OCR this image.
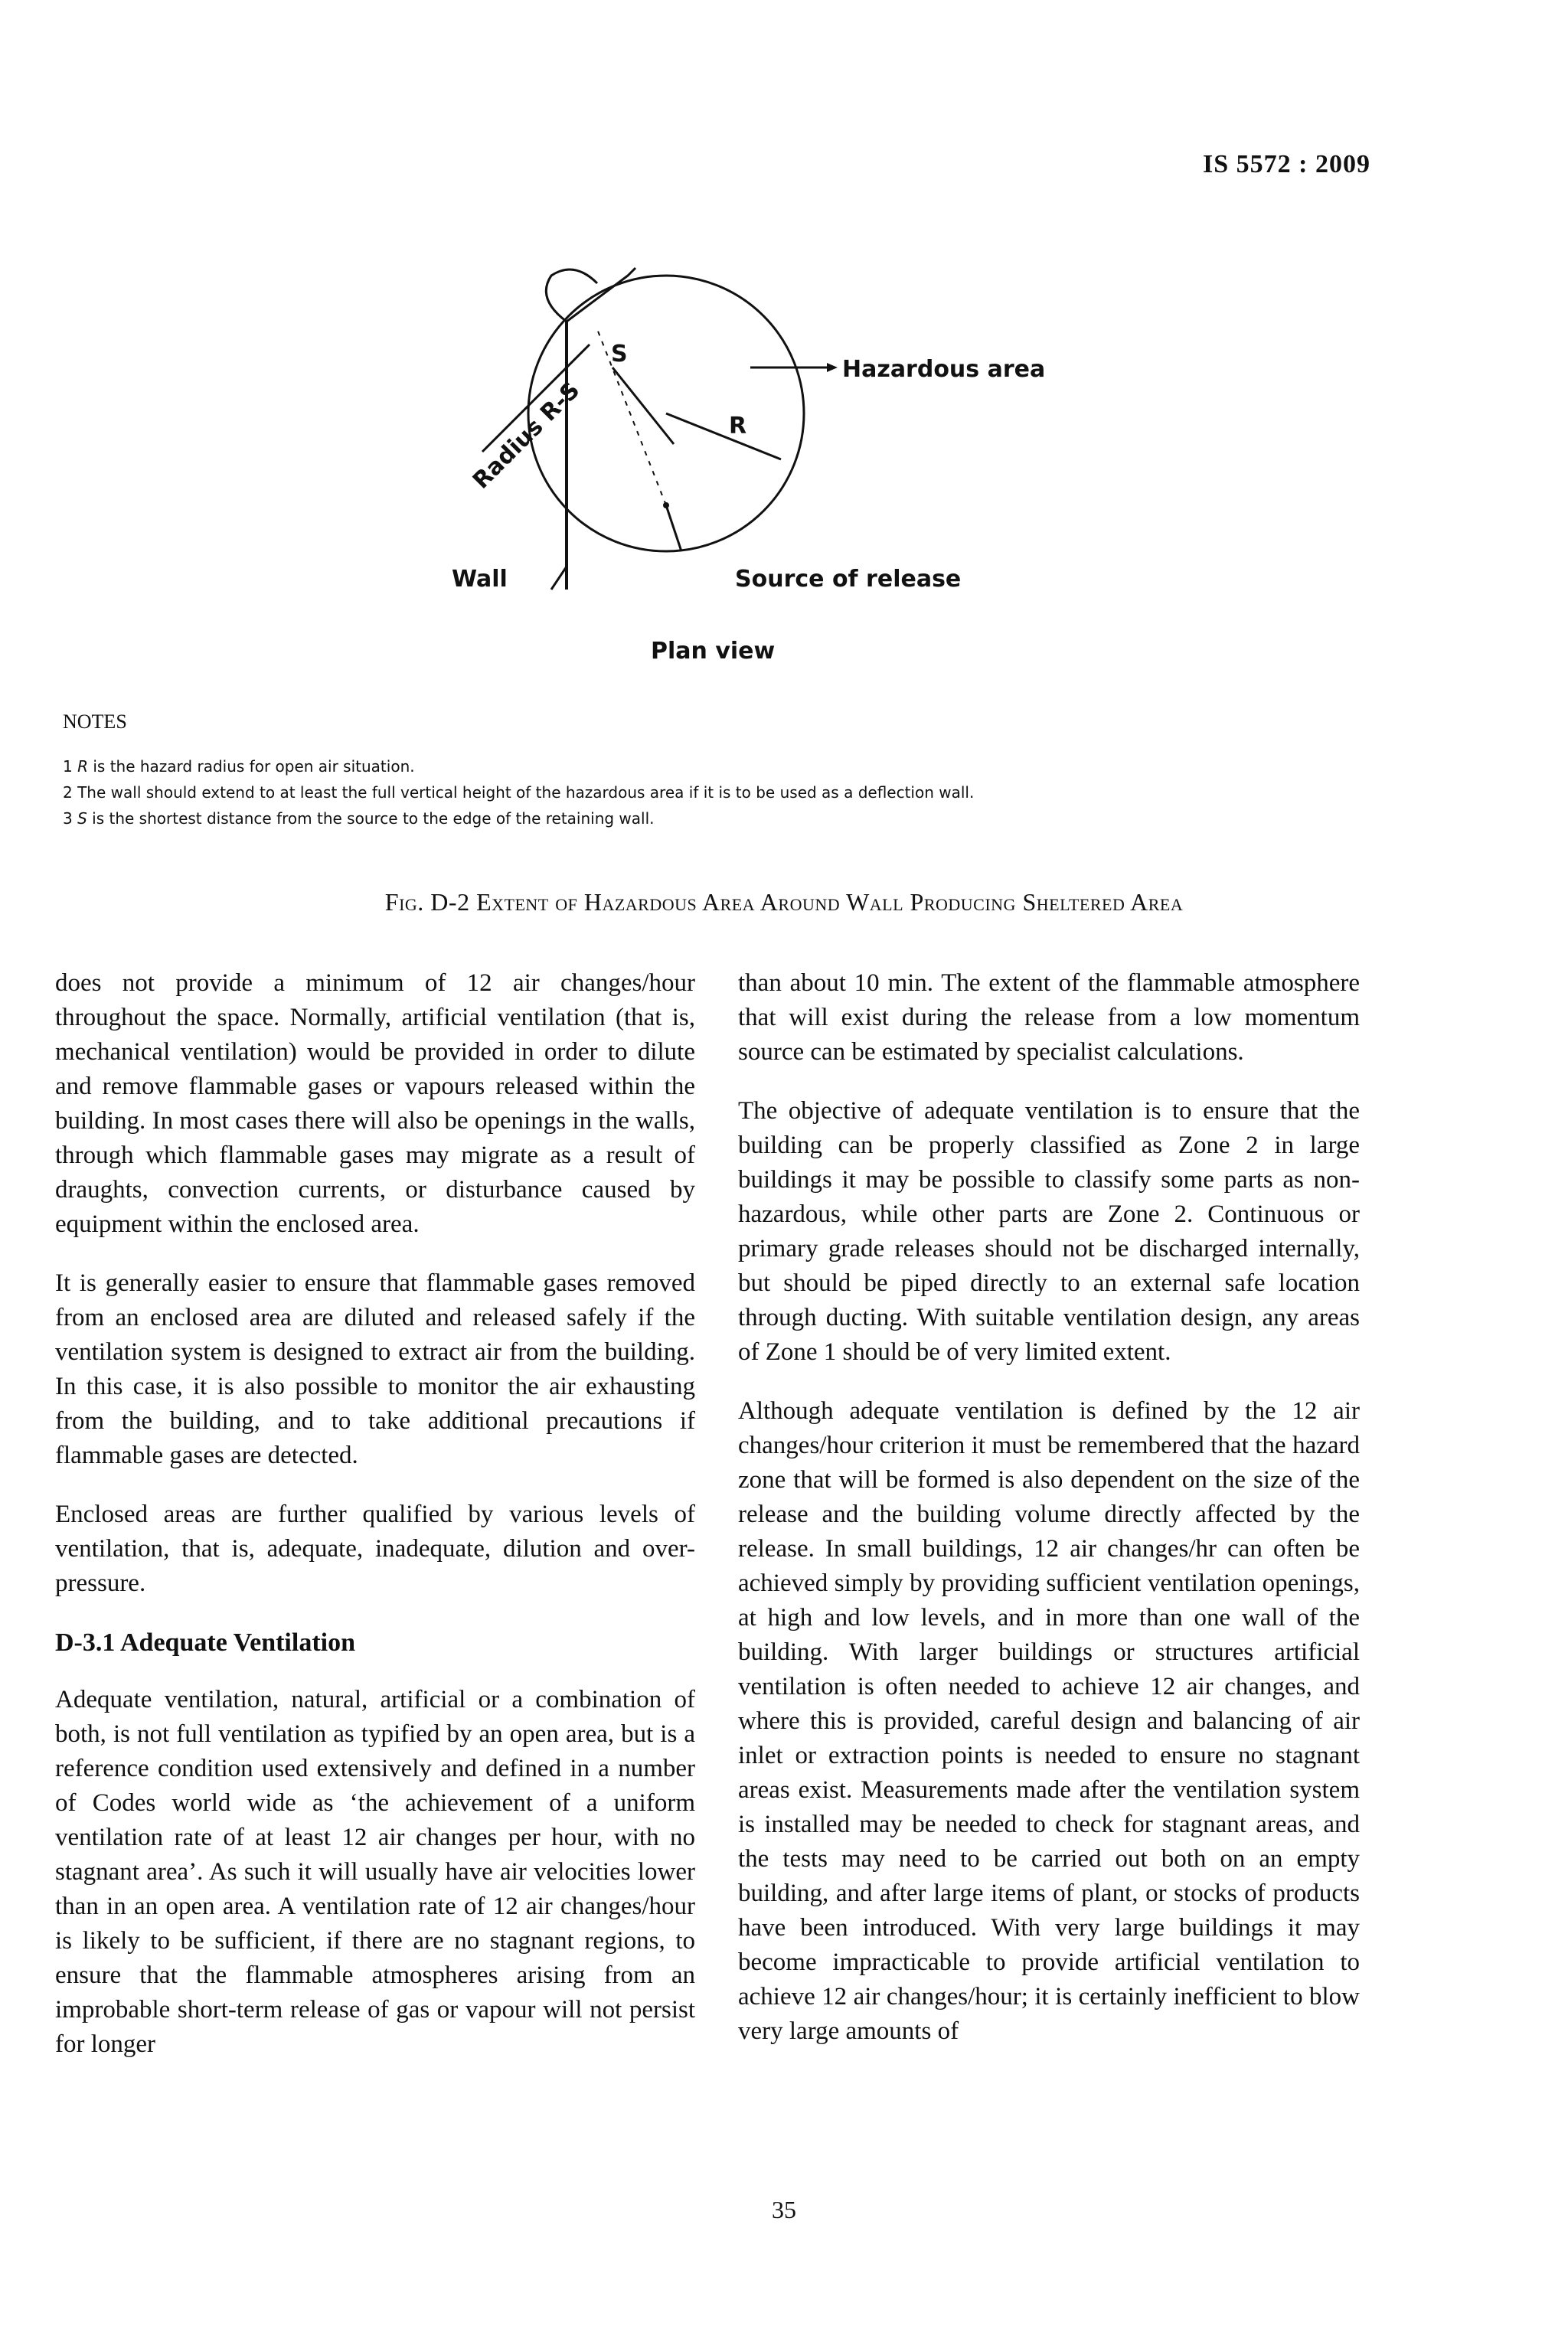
IS 5572 : 2009
Hazardous area
Radius R-S
S
R
Wall	Source of release
Plan view
NOTES
1 R is the hazard radius for open air situation.
2 The wall should extend to at least the full vertical height of the hazardous area if it is to be used as a deflection wall.
3 S is the shortest distance from the source to the edge of the retaining wall.
Fig. D-2 Extent of Hazardous Area Around Wall Producing Sheltered Area

does not provide a minimum of 12 air changes/hour throughout the space. Normally, artificial ventilation (that is, mechanical ventilation) would be provided in order to dilute and remove flammable gases or vapours released within the building. In most cases there will also be openings in the walls, through which flammable gases may migrate as a result of draughts, convection currents, or disturbance caused by equipment within the enclosed area.

It is generally easier to ensure that flammable gases removed from an enclosed area are diluted and released safely if the ventilation system is designed to extract air from the building. In this case, it is also possible to monitor the air exhausting from the building, and to take additional precautions if flammable gases are detected.

Enclosed areas are further qualified by various levels of ventilation, that is, adequate, inadequate, dilution and over-pressure.

D-3.1 Adequate Ventilation

Adequate ventilation, natural, artificial or a combination of both, is not full ventilation as typified by an open area, but is a reference condition used extensively and defined in a number of Codes world wide as ‘the achievement of a uniform ventilation rate of at least 12 air changes per hour, with no stagnant area’. As such it will usually have air velocities lower than in an open area. A ventilation rate of 12 air changes/hour is likely to be sufficient, if there are no stagnant regions, to ensure that the flammable atmospheres arising from an improbable short-term release of gas or vapour will not persist for longer

than about 10 min. The extent of the flammable atmosphere that will exist during the release from a low momentum source can be estimated by specialist calculations.

The objective of adequate ventilation is to ensure that the building can be properly classified as Zone 2 in large buildings it may be possible to classify some parts as non-hazardous, while other parts are Zone 2. Continuous or primary grade releases should not be discharged internally, but should be piped directly to an external safe location through ducting. With suitable ventilation design, any areas of Zone 1 should be of very limited extent.

Although adequate ventilation is defined by the 12 air changes/hour criterion it must be remembered that the hazard zone that will be formed is also dependent on the size of the release and the building volume directly affected by the release. In small buildings, 12 air changes/hr can often be achieved simply by providing sufficient ventilation openings, at high and low levels, and in more than one wall of the building. With larger buildings or structures artificial ventilation is often needed to achieve 12 air changes, and where this is provided, careful design and balancing of air inlet or extraction points is needed to ensure no stagnant areas exist. Measurements made after the ventilation system is installed may be needed to check for stagnant areas, and the tests may need to be carried out both on an empty building, and after large items of plant, or stocks of products have been introduced. With very large buildings it may become impracticable to provide artificial ventilation to achieve 12 air changes/hour; it is certainly inefficient to blow very large amounts of

35
